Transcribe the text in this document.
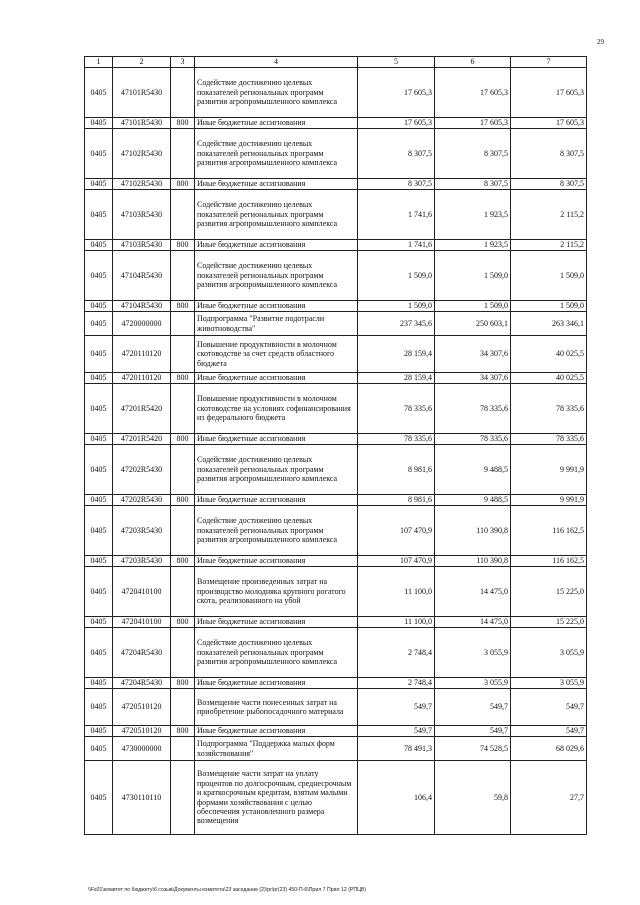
29
1	2	3	4	5	6	7
0405	47101R5430		Содействие достижению целевых показателей региональных программ развития агропромышленного комплекса	17 605,3	17 605,3	17 605,3
0405	47101R5430	800	Иные бюджетные ассигнования	17 605,3	17 605,3	17 605,3
0405	47102R5430		Содействие достижению целевых показателей региональных программ развития агропромышленного комплекса	8 307,5	8 307,5	8 307,5
0405	47102R5430	800	Иные бюджетные ассигнования	8 307,5	8 307,5	8 307,5
0405	47103R5430		Содействие достижению целевых показателей региональных программ развития агропромышленного комплекса	1 741,6	1 923,5	2 115,2
0405	47103R5430	800	Иные бюджетные ассигнования	1 741,6	1 923,5	2 115,2
0405	47104R5430		Содействие достижению целевых показателей региональных программ развития агропромышленного комплекса	1 509,0	1 509,0	1 509,0
0405	47104R5430	800	Иные бюджетные ассигнования	1 509,0	1 509,0	1 509,0
0405	4720000000		Подпрограмма "Развитие подотрасли животноводства"	237 345,6	250 603,1	263 346,1
0405	4720110120		Повышение продуктивности в молочном скотоводстве за счет средств областного бюджета	28 159,4	34 307,6	40 025,5
0405	4720110120	800	Иные бюджетные ассигнования	28 159,4	34 307,6	40 025,5
0405	47201R5420		Повышение продуктивности в молочном скотоводстве на условиях софинансирования из федерального бюджета	78 335,6	78 335,6	78 335,6
0405	47201R5420	800	Иные бюджетные ассигнования	78 335,6	78 335,6	78 335,6
0405	47202R5430		Содействие достижению целевых показателей региональных программ развития агропромышленного комплекса	8 981,6	9 488,5	9 991,9
0405	47202R5430	800	Иные бюджетные ассигнования	8 981,6	9 488,5	9 991,9
0405	47203R5430		Содействие достижению целевых показателей региональных программ развития агропромышленного комплекса	107 470,9	110 390,8	116 162,5
0405	47203R5430	800	Иные бюджетные ассигнования	107 470,9	110 390,8	116 162,5
0405	4720410100		Возмещение произведенных затрат на производство молодняка крупного рогатого скота, реализованного на убой	11 100,0	14 475,0	15 225,0
0405	4720410100	800	Иные бюджетные ассигнования	11 100,0	14 475,0	15 225,0
0405	47204R5430		Содействие достижению целевых показателей региональных программ развития агропромышленного комплекса	2 748,4	3 055,9	3 055,9
0405	47204R5430	800	Иные бюджетные ассигнования	2 748,4	3 055,9	3 055,9
0405	4720510120		Возмещение части понесенных затрат на приобретение рыбопосадочного материала	549,7	549,7	549,7
0405	4720510120	800	Иные бюджетные ассигнования	549,7	549,7	549,7
0405	4730000000		Подпрограмма "Поддержка малых форм хозяйствования"	78 491,3	74 528,5	68 029,6
0405	4730110110		Возмещение части затрат на уплату процентов по долгосрочным, среднесрочным и краткосрочным кредитам, взятым малыми формами хозяйствования с целью обеспечения установленного размера возмещения	106,4	59,8	27,7
\\Fs01\комитет по бюджету\6 созыв\Документы комитета\23 заседание (2)\pr\pr(23) 450-П-6\Прил 7 Прил 12 (РПЦВ)
